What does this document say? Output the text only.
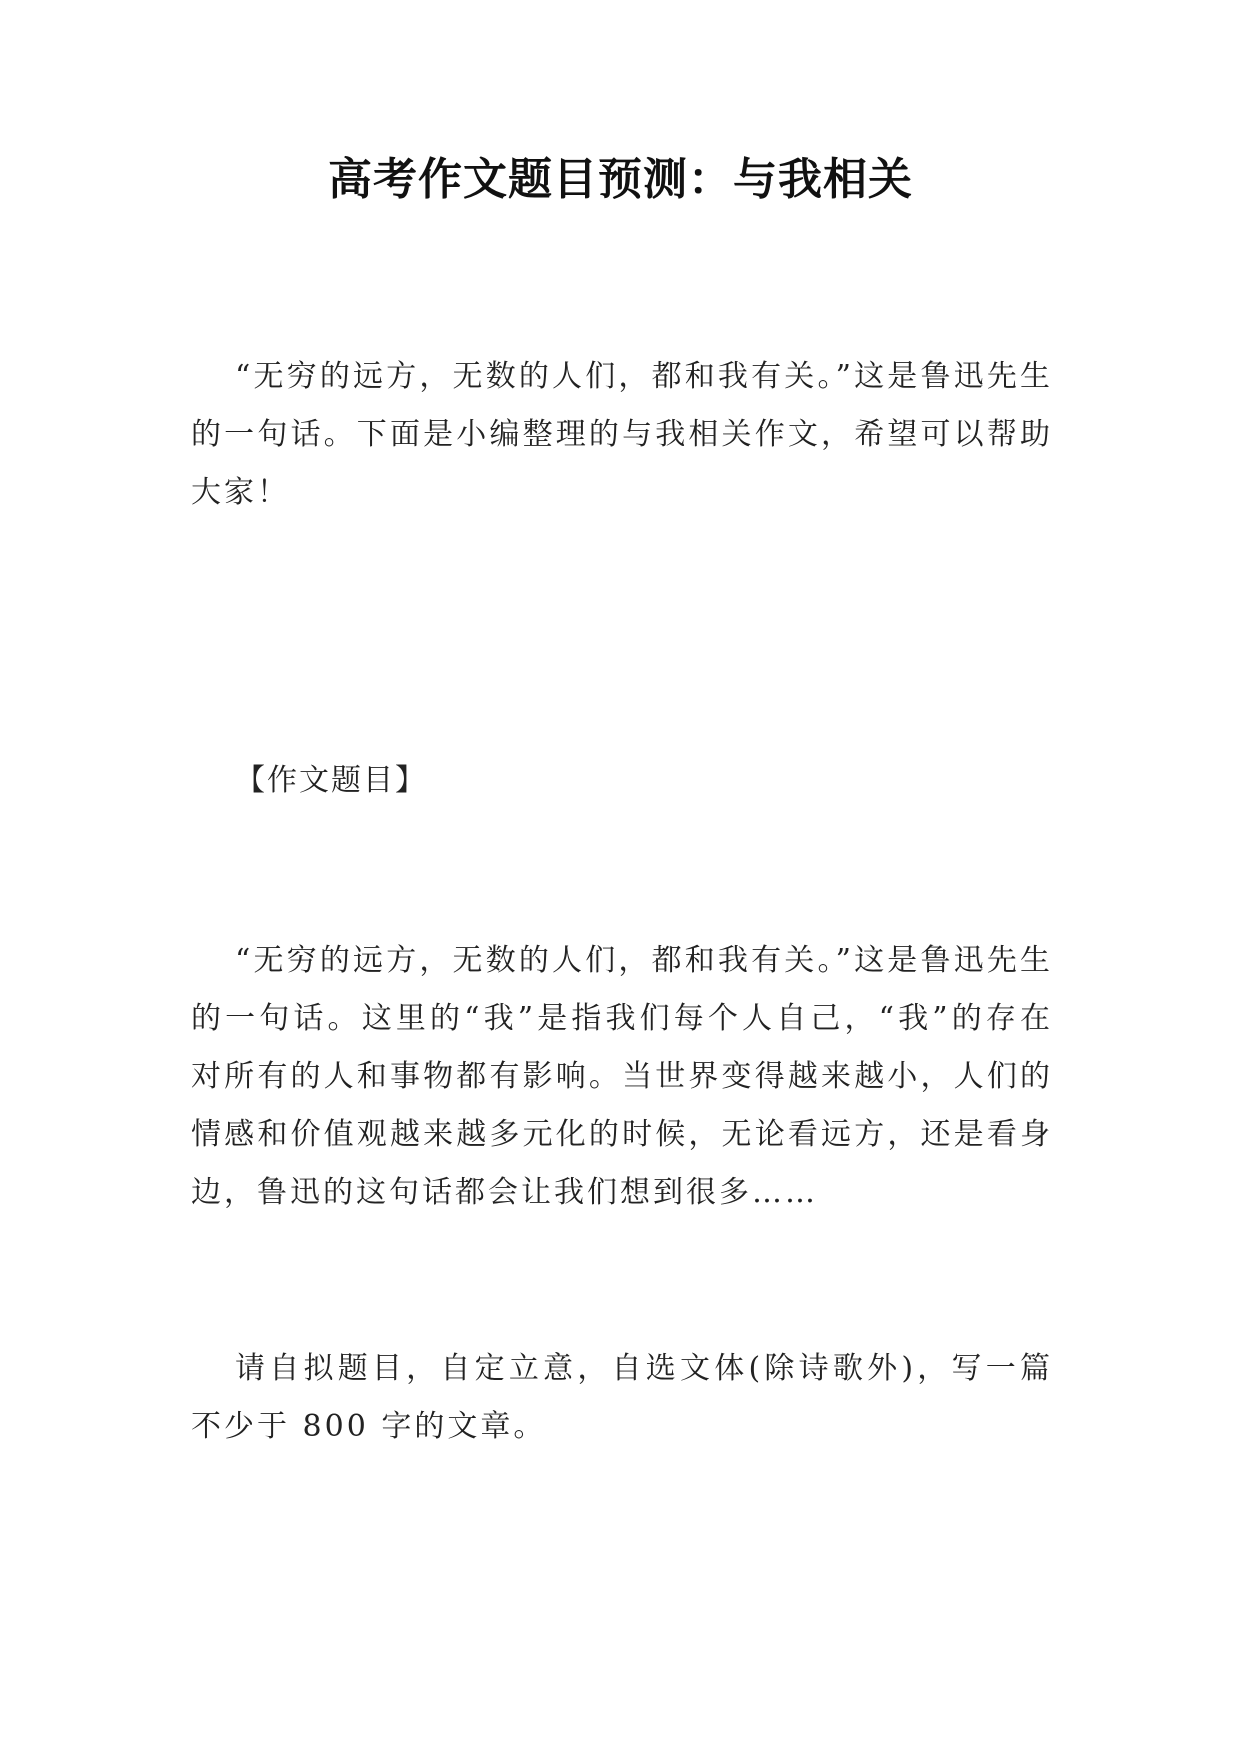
高考作文题目预测：与我相关

“无穷的远方，无数的人们，都和我有关。”这是鲁迅先生的一句话。下面是小编整理的与我相关作文，希望可以帮助大家！

【作文题目】

“无穷的远方，无数的人们，都和我有关。”这是鲁迅先生的一句话。这里的“我”是指我们每个人自己，“我”的存在对所有的人和事物都有影响。当世界变得越来越小，人们的情感和价值观越来越多元化的时候，无论看远方，还是看身边，鲁迅的这句话都会让我们想到很多……

请自拟题目，自定立意，自选文体(除诗歌外)，写一篇不少于 800 字的文章。
